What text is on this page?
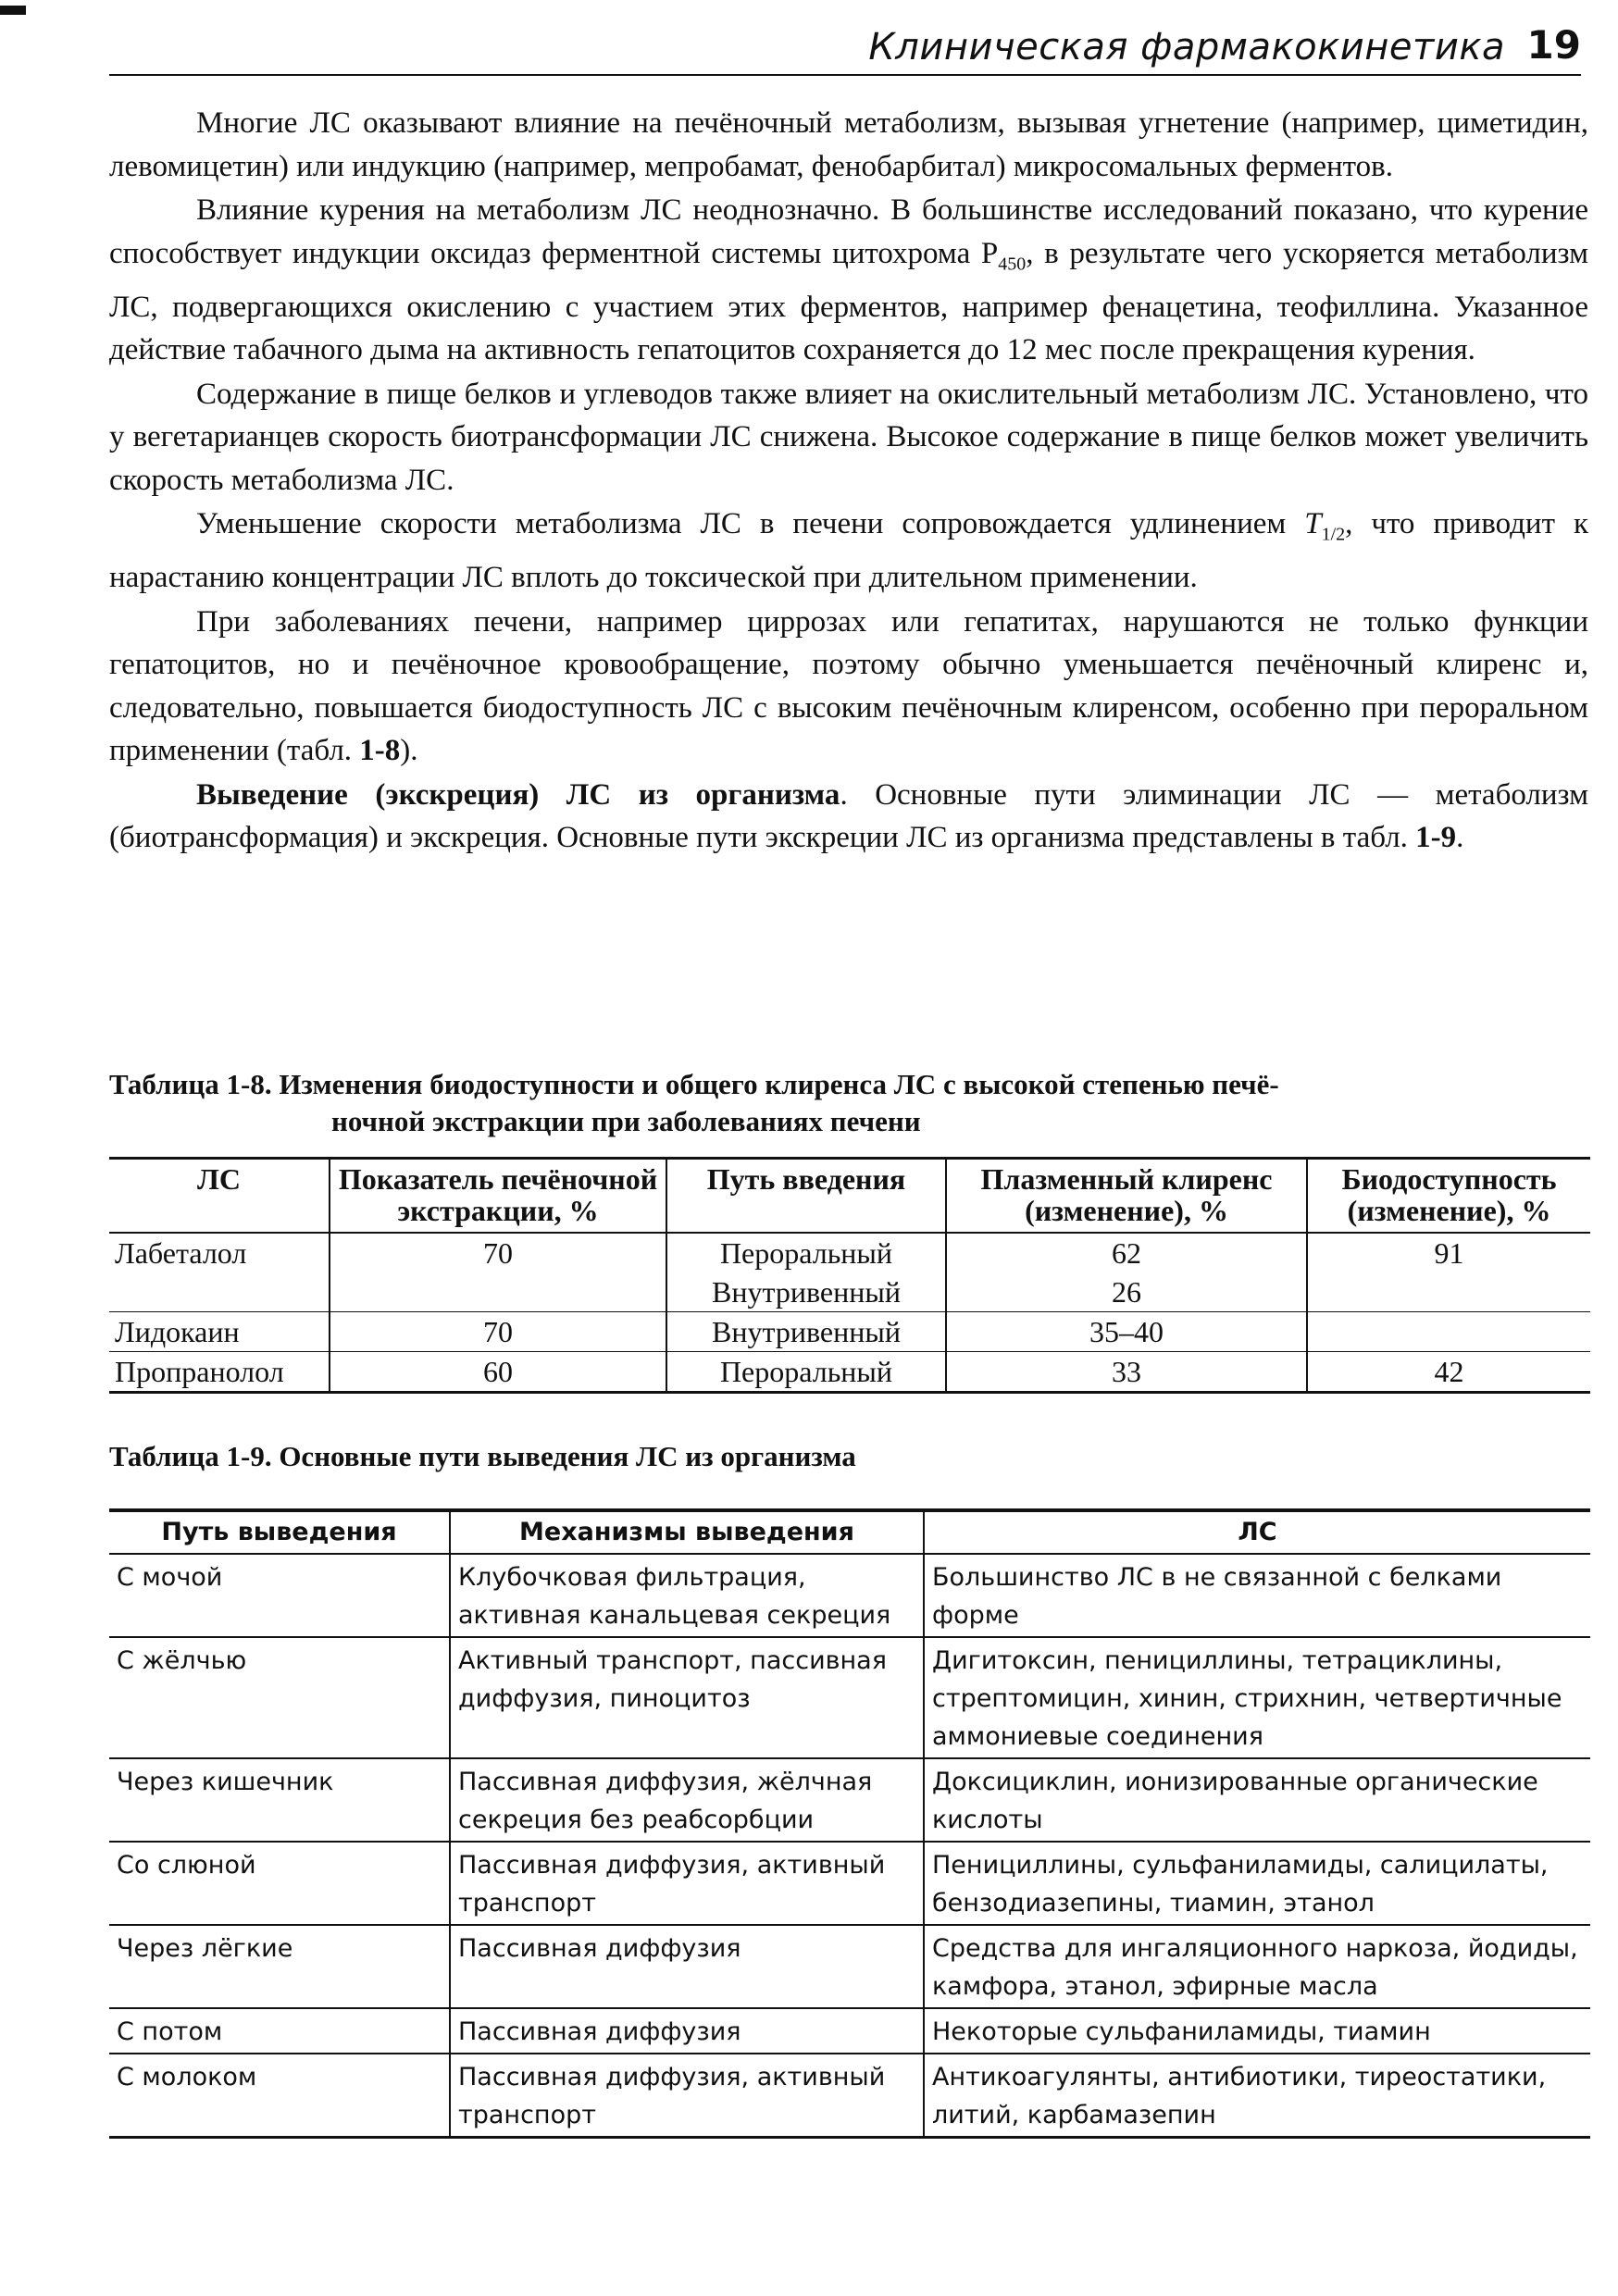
Клиническая фармакокинетика 19

Многие ЛС оказывают влияние на печёночный метаболизм, вызывая угнетение (например, циметидин, левомицетин) или индукцию (например, мепробамат, фенобарбитал) микросомальных ферментов.

Влияние курения на метаболизм ЛС неоднозначно. В большинстве исследований показано, что курение способствует индукции оксидаз ферментной системы цитохрома $P_{450}$, в результате чего ускоряется метаболизм ЛС, подвергающихся окислению с участием этих ферментов, например фенацетина, теофиллина. Указанное действие табачного дыма на активность гепатоцитов сохраняется до 12 мес после прекращения курения.

Содержание в пище белков и углеводов также влияет на окислительный метаболизм ЛС. Установлено, что у вегетарианцев скорость биотрансформации ЛС снижена. Высокое содержание в пище белков может увеличить скорость метаболизма ЛС.

Уменьшение скорости метаболизма ЛС в печени сопровождается удлинением $T_{1/2}$, что приводит к нарастанию концентрации ЛС вплоть до токсической при длительном применении.

При заболеваниях печени, например циррозах или гепатитах, нарушаются не только функции гепатоцитов, но и печёночное кровообращение, поэтому обычно уменьшается печёночный клиренс и, следовательно, повышается биодоступность ЛС с высоким печёночным клиренсом, особенно при пероральном применении (табл. 1-8).

Выведение (экскреция) ЛС из организма. Основные пути элиминации ЛС — метаболизм (биотрансформация) и экскреция. Основные пути экскреции ЛС из организма представлены в табл. 1-9.

Таблица 1-8. Изменения биодоступности и общего клиренса ЛС с высокой степенью печё-
ночной экстракции при заболеваниях печени
ЛС	Показатель печёночной экстракции, %	Путь введения	Плазменный клиренс (изменение), %	Биодоступность (изменение), %
Лабеталол	70	Пероральный	62	91
		Внутривенный	26	
Лидокаин	70	Внутривенный	35–40	
Пропранолол	60	Пероральный	33	42
Таблица 1-9. Основные пути выведения ЛС из организма
Путь выведения	Механизмы выведения	ЛС
С мочой	Клубочковая фильтрация, активная канальцевая секреция	Большинство ЛС в не связанной с белками форме
С жёлчью	Активный транспорт, пассивная диффузия, пиноцитоз	Дигитоксин, пенициллины, тетрациклины, стрептомицин, хинин, стрихнин, четвертичные аммониевые соединения
Через кишечник	Пассивная диффузия, жёлчная секреция без реабсорбции	Доксициклин, ионизированные органические кислоты
Со слюной	Пассивная диффузия, активный транспорт	Пенициллины, сульфаниламиды, салицилаты, бензодиазепины, тиамин, этанол
Через лёгкие	Пассивная диффузия	Средства для ингаляционного наркоза, йодиды, камфора, этанол, эфирные масла
С потом	Пассивная диффузия	Некоторые сульфаниламиды, тиамин
С молоком	Пассивная диффузия, активный транспорт	Антикоагулянты, антибиотики, тиреостатики, литий, карбамазепин
